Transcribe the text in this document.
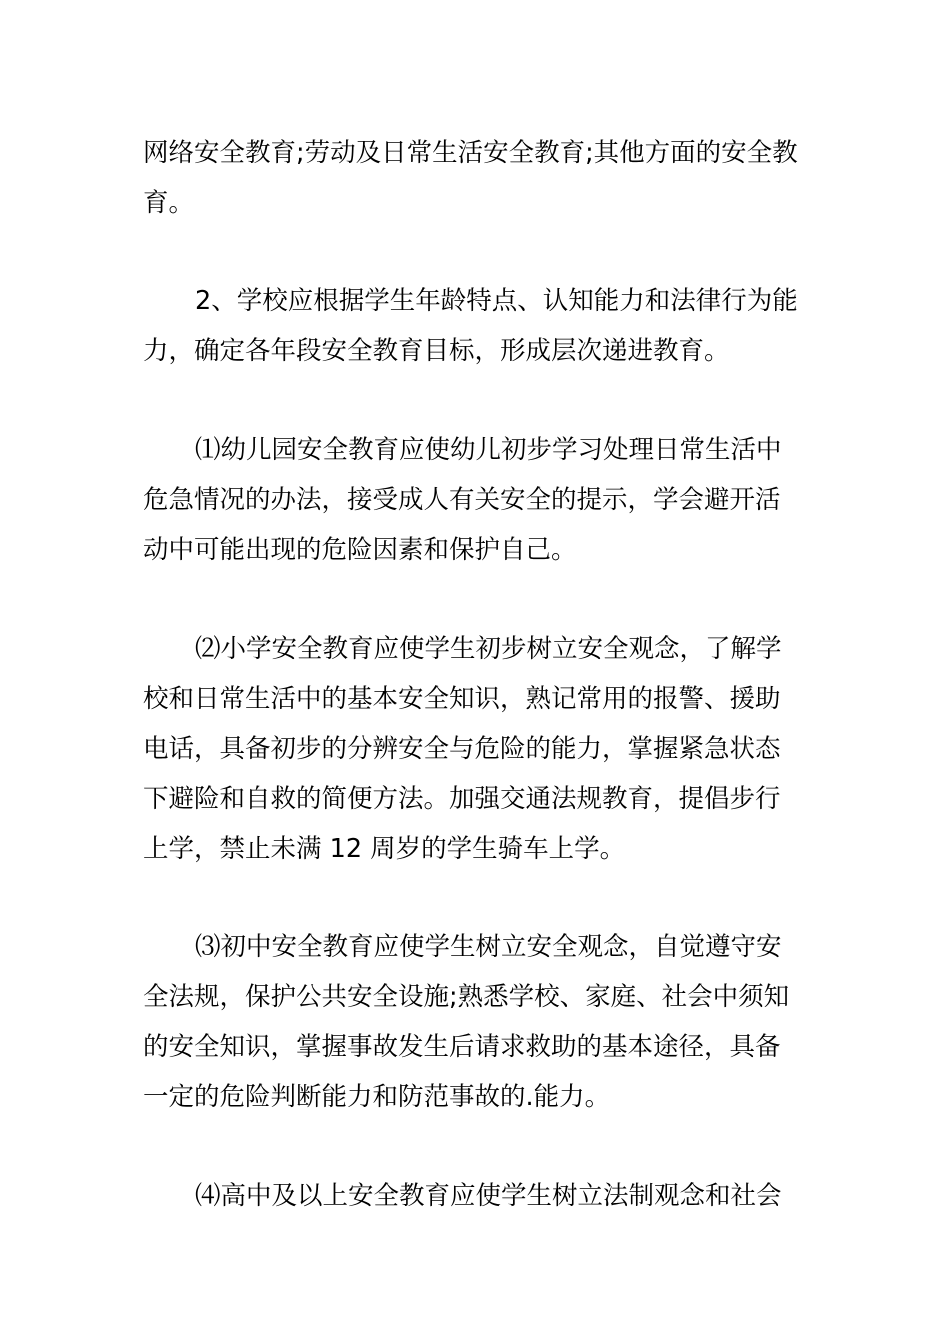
网络安全教育;劳动及日常生活安全教育;其他方面的安全教
育。
2、学校应根据学生年龄特点、认知能力和法律行为能
力，确定各年段安全教育目标，形成层次递进教育。
⑴幼儿园安全教育应使幼儿初步学习处理日常生活中
危急情况的办法，接受成人有关安全的提示，学会避开活
动中可能出现的危险因素和保护自己。
⑵小学安全教育应使学生初步树立安全观念，了解学
校和日常生活中的基本安全知识，熟记常用的报警、援助
电话，具备初步的分辨安全与危险的能力，掌握紧急状态
下避险和自救的简便方法。加强交通法规教育，提倡步行
上学，禁止未满 12 周岁的学生骑车上学。
⑶初中安全教育应使学生树立安全观念，自觉遵守安
全法规，保护公共安全设施;熟悉学校、家庭、社会中须知
的安全知识，掌握事故发生后请求救助的基本途径，具备
一定的危险判断能力和防范事故的.能力。
⑷高中及以上安全教育应使学生树立法制观念和社会
